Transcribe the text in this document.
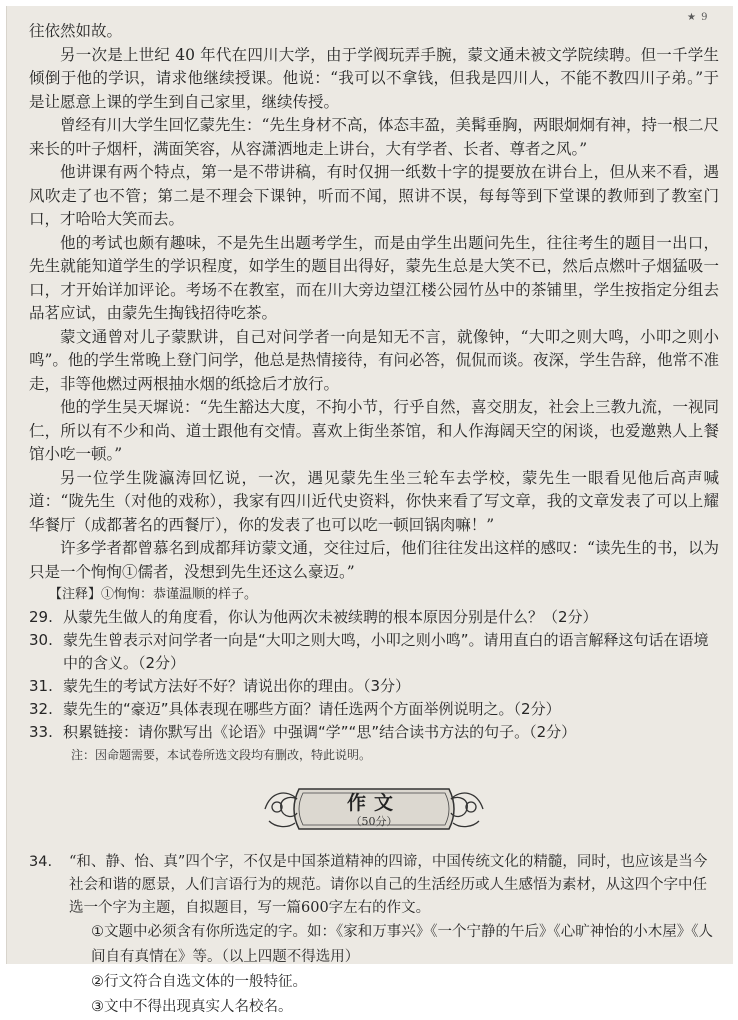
★ 9

往依然如故。

另一次是上世纪 40 年代在四川大学，由于学阀玩弄手腕，蒙文通未被文学院续聘。但一千学生倾倒于他的学识，请求他继续授课。他说：“我可以不拿钱，但我是四川人，不能不教四川子弟。”于是让愿意上课的学生到自己家里，继续传授。

曾经有川大学生回忆蒙先生：“先生身材不高，体态丰盈，美髯垂胸，两眼炯炯有神，持一根二尺来长的叶子烟杆，满面笑容，从容潇洒地走上讲台，大有学者、长者、尊者之风。”

他讲课有两个特点，第一是不带讲稿，有时仅拥一纸数十字的提要放在讲台上，但从来不看，遇风吹走了也不管；第二是不理会下课钟，听而不闻，照讲不误，每每等到下堂课的教师到了教室门口，才哈哈大笑而去。

他的考试也颇有趣味，不是先生出题考学生，而是由学生出题问先生，往往考生的题目一出口，先生就能知道学生的学识程度，如学生的题目出得好，蒙先生总是大笑不已，然后点燃叶子烟猛吸一口，才开始详加评论。考场不在教室，而在川大旁边望江楼公园竹丛中的茶铺里，学生按指定分组去品茗应试，由蒙先生掏钱招待吃茶。

蒙文通曾对儿子蒙默讲，自己对问学者一向是知无不言，就像钟，“大叩之则大鸣，小叩之则小鸣”。他的学生常晚上登门问学，他总是热情接待，有问必答，侃侃而谈。夜深，学生告辞，他常不准走，非等他燃过两根抽水烟的纸捻后才放行。

他的学生吴天墀说：“先生豁达大度，不拘小节，行乎自然，喜交朋友，社会上三教九流，一视同仁，所以有不少和尚、道士跟他有交情。喜欢上街坐茶馆，和人作海阔天空的闲谈，也爱邀熟人上餐馆小吃一顿。”

另一位学生陇瀛涛回忆说，一次，遇见蒙先生坐三轮车去学校，蒙先生一眼看见他后高声喊道：“陇先生（对他的戏称），我家有四川近代史资料，你快来看了写文章，我的文章发表了可以上耀华餐厅（成都著名的西餐厅），你的发表了也可以吃一顿回锅肉嘛！”

许多学者都曾慕名到成都拜访蒙文通，交往过后，他们往往发出这样的感叹：“读先生的书，以为只是一个恂恂①儒者，没想到先生还这么豪迈。”

【注释】①恂恂：恭谨温顺的样子。

29. 从蒙先生做人的角度看，你认为他两次未被续聘的根本原因分别是什么？（2分）
30. 蒙先生曾表示对问学者一向是“大叩之则大鸣，小叩之则小鸣”。请用直白的语言解释这句话在语境中的含义。（2分）
31. 蒙先生的考试方法好不好？请说出你的理由。（3分）
32. 蒙先生的“豪迈”具体表现在哪些方面？请任选两个方面举例说明之。（2分）
33. 积累链接：请你默写出《论语》中强调“学”“思”结合读书方法的句子。（2分）

注：因命题需要，本试卷所选文段均有删改，特此说明。

作文
（50分）
34.	“和、静、怡、真”四个字，不仅是中国茶道精神的四谛，中国传统文化的精髓，同时，也应该是当今社会和谐的愿景，人们言语行为的规范。请你以自己的生活经历或人生感悟为素材，从这四个字中任选一个字为主题，自拟题目，写一篇600字左右的作文。

①文题中必须含有你所选定的字。如：《家和万事兴》《一个宁静的午后》《心旷神怡的小木屋》《人间自有真情在》等。（以上四题不得选用）

②行文符合自选文体的一般特征。

③文中不得出现真实人名校名。
